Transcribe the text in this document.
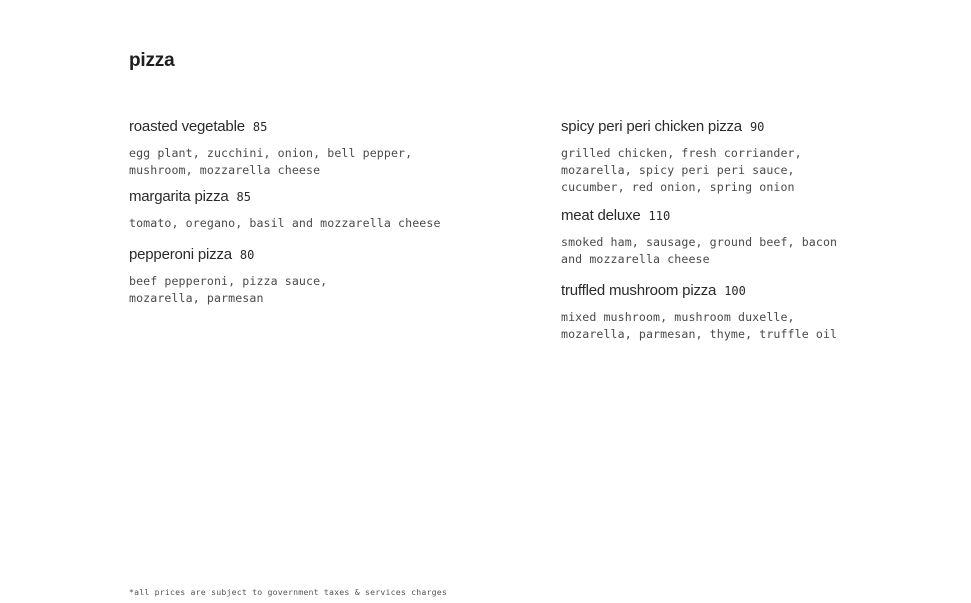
pizza
roasted vegetable 85
egg plant, zucchini, onion, bell pepper,
mushroom, mozzarella cheese
margarita pizza 85
tomato, oregano, basil and mozzarella cheese
pepperoni pizza 80
beef pepperoni, pizza sauce,
mozarella, parmesan
spicy peri peri chicken pizza 90
grilled chicken, fresh corriander,
mozarella, spicy peri peri sauce,
cucumber, red onion, spring onion
meat deluxe 110
smoked ham, sausage, ground beef, bacon
and mozzarella cheese
truffled mushroom pizza 100
mixed mushroom, mushroom duxelle,
mozarella, parmesan, thyme, truffle oil
*all prices are subject to government taxes & services charges
